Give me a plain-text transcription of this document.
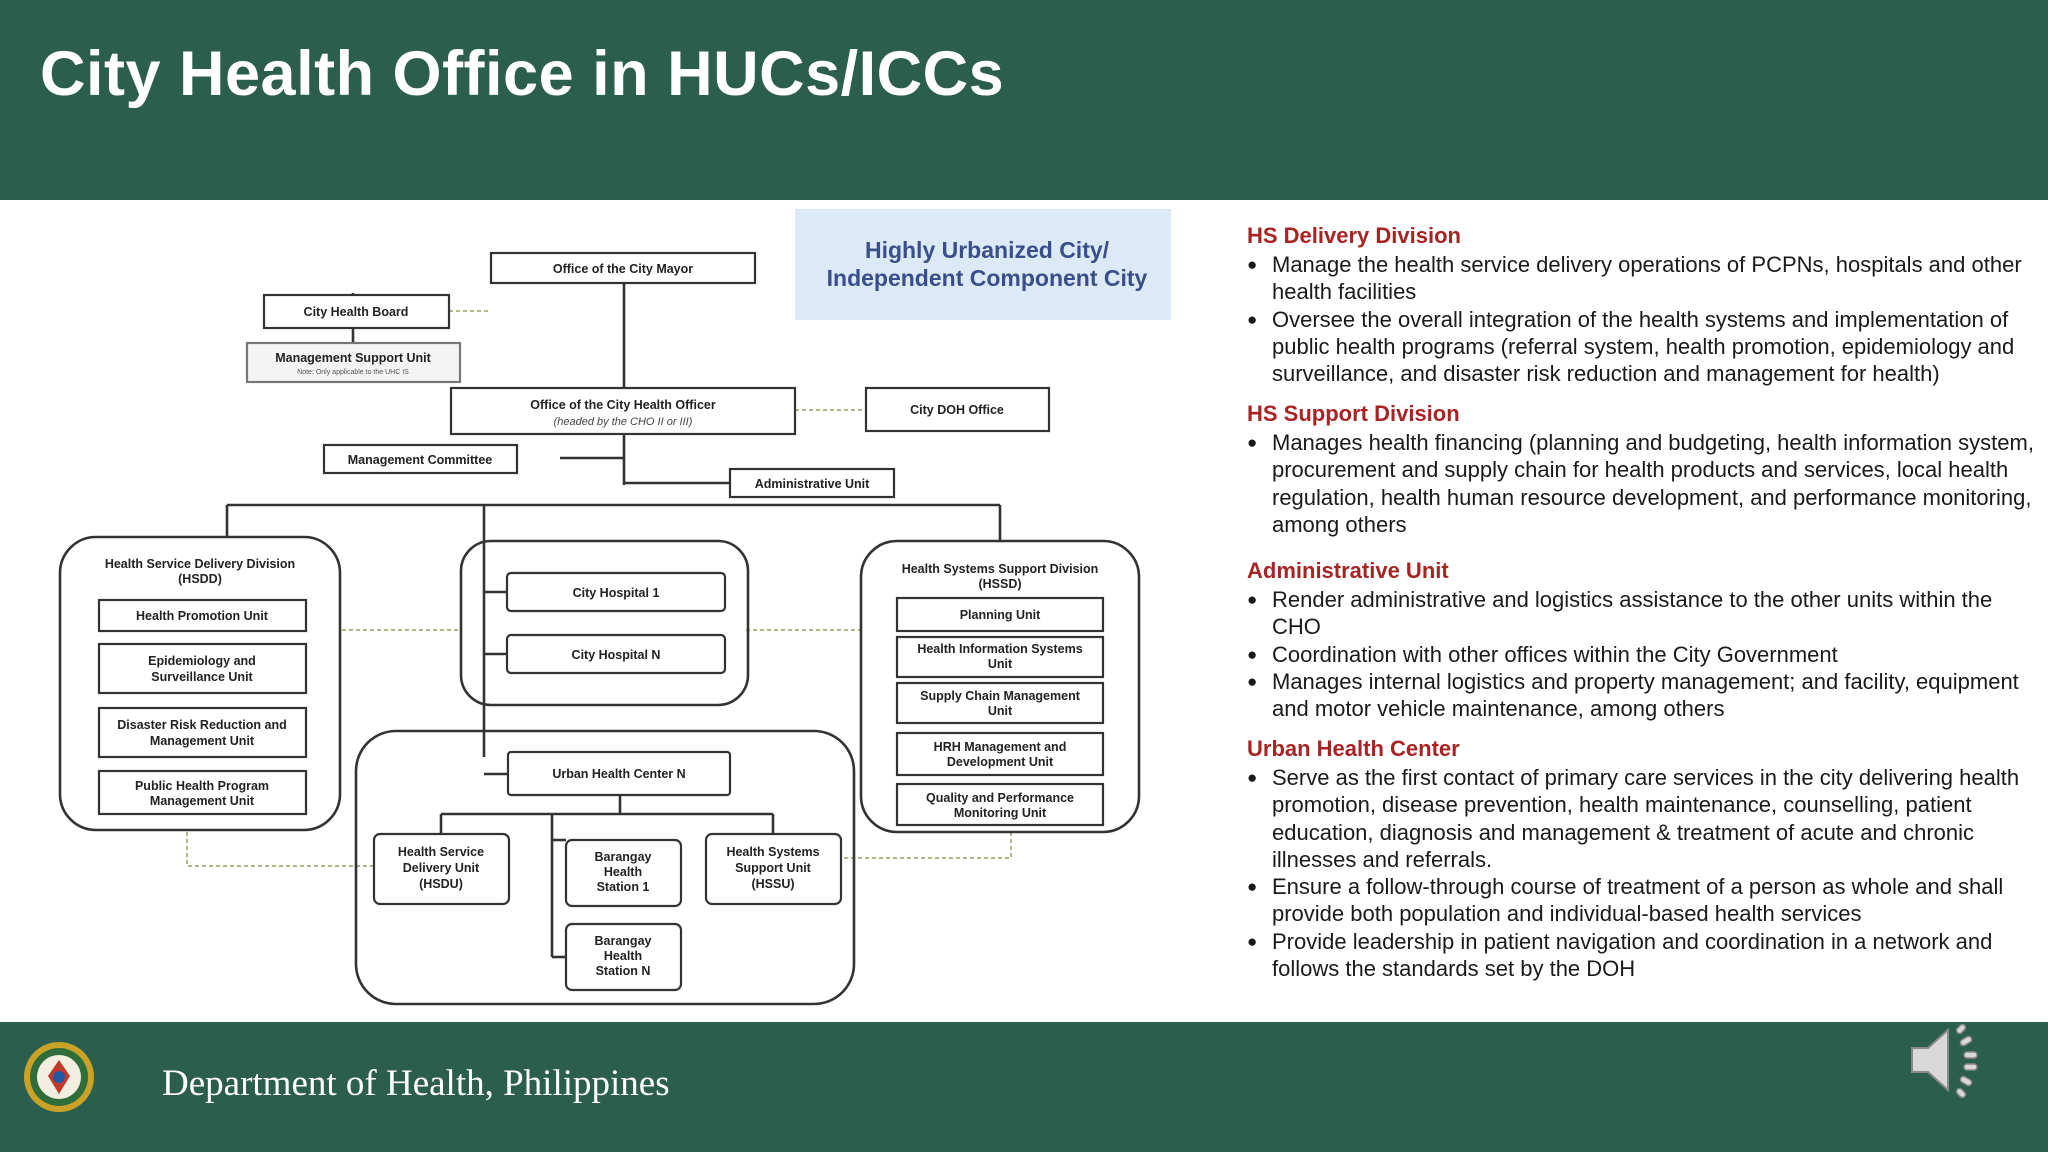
City Health Office in HUCs/ICCs
Highly Urbanized City/
Independent Component City
Office of the City Mayor
City Health Board
Management Support Unit
Note: Only applicable to the UHC IS
Office of the City Health Officer
(headed by the CHO II or III)
City DOH Office
Management Committee
Administrative Unit
Health Service Delivery Division
(HSDD)
Health Promotion Unit
Epidemiology and
Surveillance Unit
Disaster Risk Reduction and
Management Unit
Public Health Program
Management Unit
City Hospital 1
City Hospital N
Health Systems Support Division
(HSSD)
Planning Unit
Health Information Systems
Unit
Supply Chain Management
Unit
HRH Management and
Development Unit
Quality and Performance
Monitoring Unit
Urban Health Center N
Health Service
Delivery Unit
(HSDU)
Barangay
Health
Station 1
Health Systems
Support Unit
(HSSU)
Barangay
Health
Station N
HS Delivery Division
● Manage the health service delivery operations of PCPNs, hospitals and other health facilities
● Oversee the overall integration of the health systems and implementation of public health programs (referral system, health promotion, epidemiology and surveillance, and disaster risk reduction and management for health)
HS Support Division
● Manages health financing (planning and budgeting, health information system, procurement and supply chain for health products and services, local health regulation, health human resource development, and performance monitoring, among others
Administrative Unit
● Render administrative and logistics assistance to the other units within the CHO
● Coordination with other offices within the City Government
● Manages internal logistics and property management; and facility, equipment and motor vehicle maintenance, among others
Urban Health Center
● Serve as the first contact of primary care services in the city delivering health promotion, disease prevention, health maintenance, counselling, patient education, diagnosis and management & treatment of acute and chronic illnesses and referrals.
● Ensure a follow-through course of treatment of a person as whole and shall provide both population and individual-based health services
● Provide leadership in patient navigation and coordination in a network and follows the standards set by the DOH
Department of Health, Philippines
